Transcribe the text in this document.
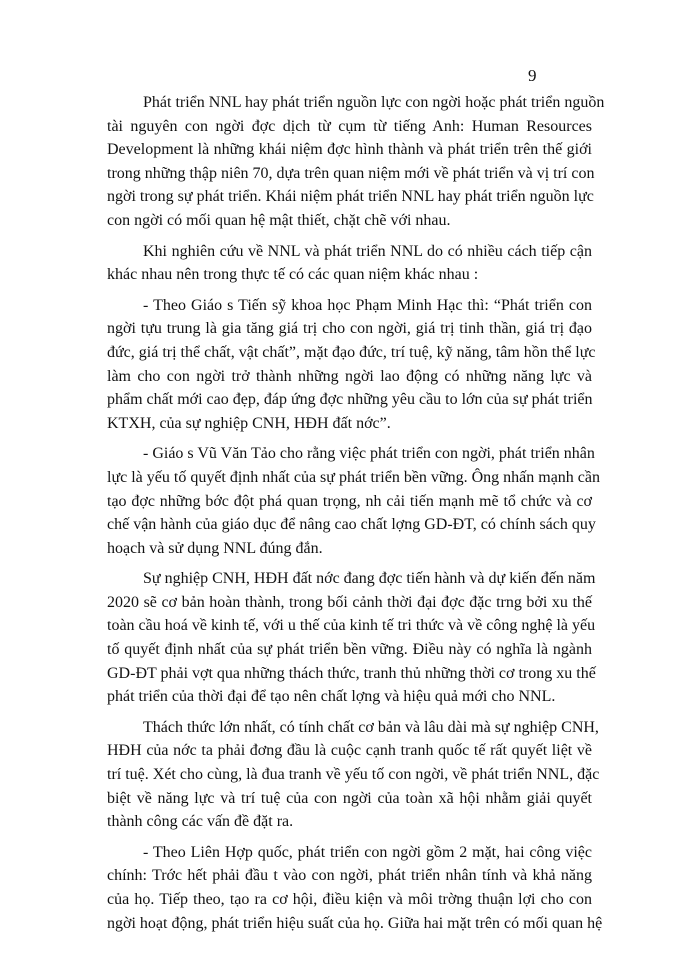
9
Phát triển NNL hay phát triển nguồn lực con ngời hoặc phát triển nguồn
tài nguyên con ngời đợc dịch từ cụm từ tiếng Anh: Human Resources
Development là những khái niệm đợc hình thành và phát triển trên thế giới
trong những thập niên 70, dựa trên quan niệm mới về phát triển và vị trí con
ngời trong sự phát triển. Khái niệm phát triển NNL hay phát triển nguồn lực
con ngời có mối quan hệ mật thiết, chặt chẽ với nhau.
Khi nghiên cứu về NNL và phát triển NNL do có nhiều cách tiếp cận
khác nhau nên trong thực tế có các quan niệm khác nhau :
- Theo Giáo s Tiến sỹ khoa học Phạm Minh Hạc thì: “Phát triển con
ngời tựu trung là gia tăng giá trị cho con ngời, giá trị tinh thần, giá trị đạo
đức, giá trị thể chất, vật chất”, mặt đạo đức, trí tuệ, kỹ năng, tâm hồn thể lực
làm cho con ngời trở thành những ngời lao động có những năng lực và
phẩm chất mới cao đẹp, đáp ứng đợc những yêu cầu to lớn của sự phát triển
KTXH, của sự nghiệp CNH, HĐH đất nớc”.
- Giáo s Vũ Văn Tảo cho rằng việc phát triển con ngời, phát triển nhân
lực là yếu tố quyết định nhất của sự phát triển bền vững. Ông nhấn mạnh cần
tạo đợc những bớc đột phá quan trọng, nh cải tiến mạnh mẽ tổ chức và cơ
chế vận hành của giáo dục để nâng cao chất lợng GD-ĐT, có chính sách quy
hoạch và sử dụng NNL đúng đắn.
Sự nghiệp CNH, HĐH đất nớc đang đợc tiến hành và dự kiến đến năm
2020 sẽ cơ bản hoàn thành, trong bối cảnh thời đại đợc đặc trng bởi xu thế
toàn cầu hoá về kinh tế, với u thế của kinh tế tri thức và về công nghệ là yếu
tố quyết định nhất của sự phát triển bền vững. Điều này có nghĩa là ngành
GD-ĐT phải vợt qua những thách thức, tranh thủ những thời cơ trong xu thế
phát triển của thời đại để tạo nên chất lợng và hiệu quả mới cho NNL.
Thách thức lớn nhất, có tính chất cơ bản và lâu dài mà sự nghiệp CNH,
HĐH của nớc ta phải đơng đầu là cuộc cạnh tranh quốc tế rất quyết liệt về
trí tuệ. Xét cho cùng, là đua tranh về yếu tố con ngời, về phát triển NNL, đặc
biệt về năng lực và trí tuệ của con ngời của toàn xã hội nhằm giải quyết
thành công các vấn đề đặt ra.
- Theo Liên Hợp quốc, phát triển con ngời gồm 2 mặt, hai công việc
chính: Trớc hết phải đầu t vào con ngời, phát triển nhân tính và khả năng
của họ. Tiếp theo, tạo ra cơ hội, điều kiện và môi trờng thuận lợi cho con
ngời hoạt động, phát triển hiệu suất của họ. Giữa hai mặt trên có mối quan hệ
